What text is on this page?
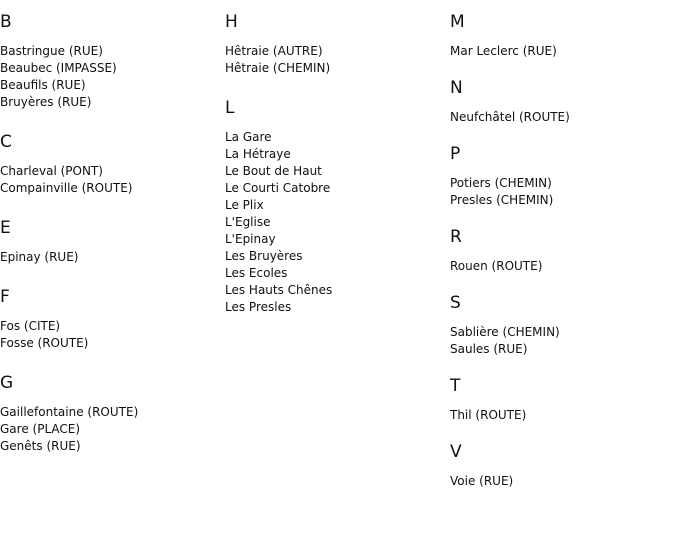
B
Bastringue (RUE)
Beaubec (IMPASSE)
Beaufils (RUE)
Bruyères (RUE)
C
Charleval (PONT)
Compainville (ROUTE)
E
Epinay (RUE)
F
Fos (CITE)
Fosse (ROUTE)
G
Gaillefontaine (ROUTE)
Gare (PLACE)
Genêts (RUE)
H
Hêtraie (AUTRE)
Hêtraie (CHEMIN)
L
La Gare
La Hétraye
Le Bout de Haut
Le Courti Catobre
Le Plix
L'Eglise
L'Epinay
Les Bruyères
Les Ecoles
Les Hauts Chênes
Les Presles
M
Mar Leclerc (RUE)
N
Neufchâtel (ROUTE)
P
Potiers (CHEMIN)
Presles (CHEMIN)
R
Rouen (ROUTE)
S
Sablière (CHEMIN)
Saules (RUE)
T
Thil (ROUTE)
V
Voie (RUE)
